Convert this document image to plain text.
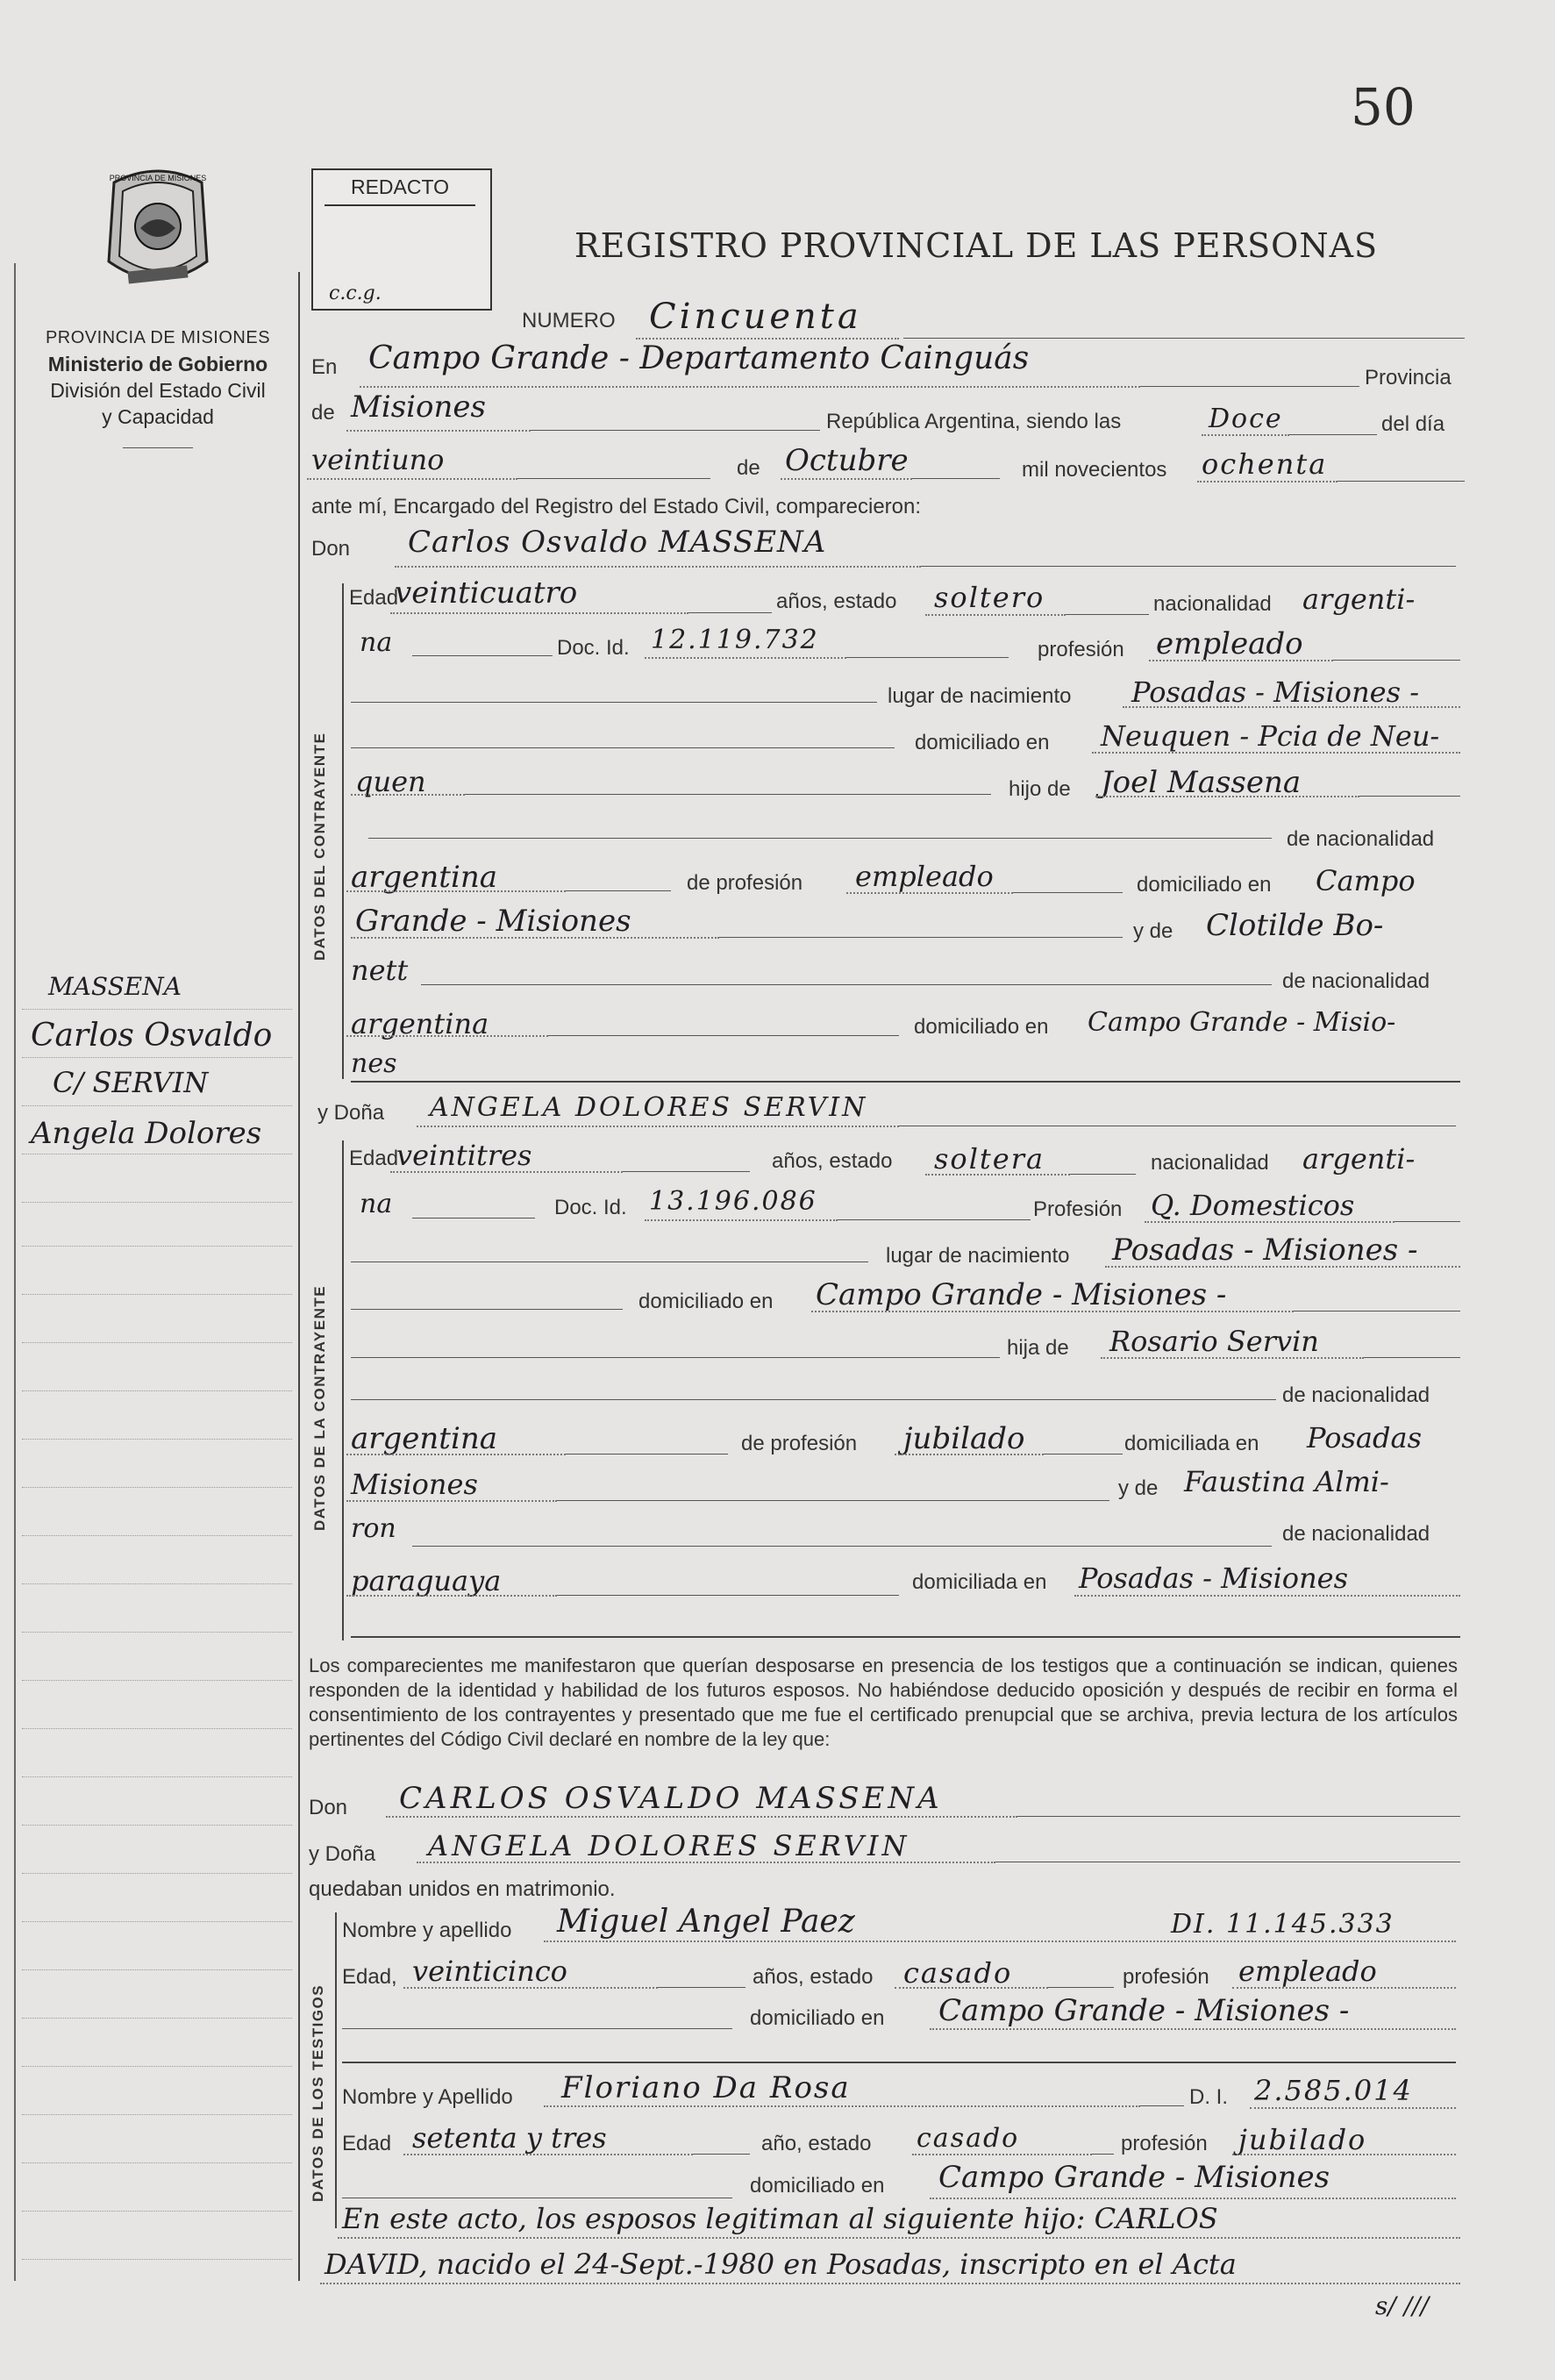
PROVINCIA DE MISIONES
PROVINCIA DE MISIONES
Ministerio de Gobierno
División del Estado Civil
y Capacidad
MASSENA
Carlos Osvaldo
C/ SERVIN
Angela Dolores
50
REDACTO
c.c.g.
REGISTRO PROVINCIAL DE LAS PERSONAS
NUMERO Cincuenta
En Campo Grande - Departamento Cainguás
Provincia
de Misiones	República Argentina, siendo las	Doce	del día
veintiuno	de Octubre	mil novecientos ochenta
ante mí, Encargado del Registro del Estado Civil, comparecieron:
Don Carlos Osvaldo MASSENA
DATOS DEL CONTRAYENTE
Edad
veinticuatro	años, estado soltero	nacionalidad argenti-
na	Doc. Id. 12.119.732	profesión empleado
lugar de nacimiento Posadas - Misiones -
domiciliado en Neuquen - Pcia de Neu-
quen	hijo de Joel Massena
de nacionalidad
argentina	de profesión empleado	domiciliado en Campo
Grande - Misiones	y de Clotilde Bo-
nett	de nacionalidad
argentina	domiciliado en Campo Grande - Misio-
nes
y Doña ANGELA DOLORES SERVIN
DATOS DE LA CONTRAYENTE
Edad
veintitres	años, estado soltera	nacionalidad argenti-
na	Doc. Id. 13.196.086	Profesión Q. Domesticos
lugar de nacimiento Posadas - Misiones -
domiciliado en Campo Grande - Misiones -
hija de Rosario Servin
de nacionalidad
argentina	de profesión jubilado	domiciliada en Posadas
Misiones	y de Faustina Almi-
ron	de nacionalidad
paraguaya	domiciliada en Posadas - Misiones
Los comparecientes me manifestaron que querían desposarse en presencia de los testigos que a continuación se indican, quienes responden de la identidad y habilidad de los futuros esposos. No habiéndose deducido oposición y después de recibir en forma el consentimiento de los contrayentes y presentado que me fue el certificado prenupcial que se archiva, previa lectura de los artículos pertinentes del Código Civil declaré en nombre de la ley que:
Don CARLOS OSVALDO MASSENA
y Doña ANGELA DOLORES SERVIN
quedaban unidos en matrimonio.
DATOS DE LOS TESTIGOS
Nombre y apellido Miguel Angel Paez	DI. 11.145.333
Edad, veinticinco	años, estado casado	profesión empleado
domiciliado en Campo Grande - Misiones -
Nombre y Apellido Floriano Da Rosa	D. I. 2.585.014
Edad setenta y tres	año, estado casado	profesión jubilado
domiciliado en Campo Grande - Misiones
En este acto, los esposos legitiman al siguiente hijo: CARLOS
DAVID, nacido el 24-Sept.-1980 en Posadas, inscripto en el Acta
s/ ///
